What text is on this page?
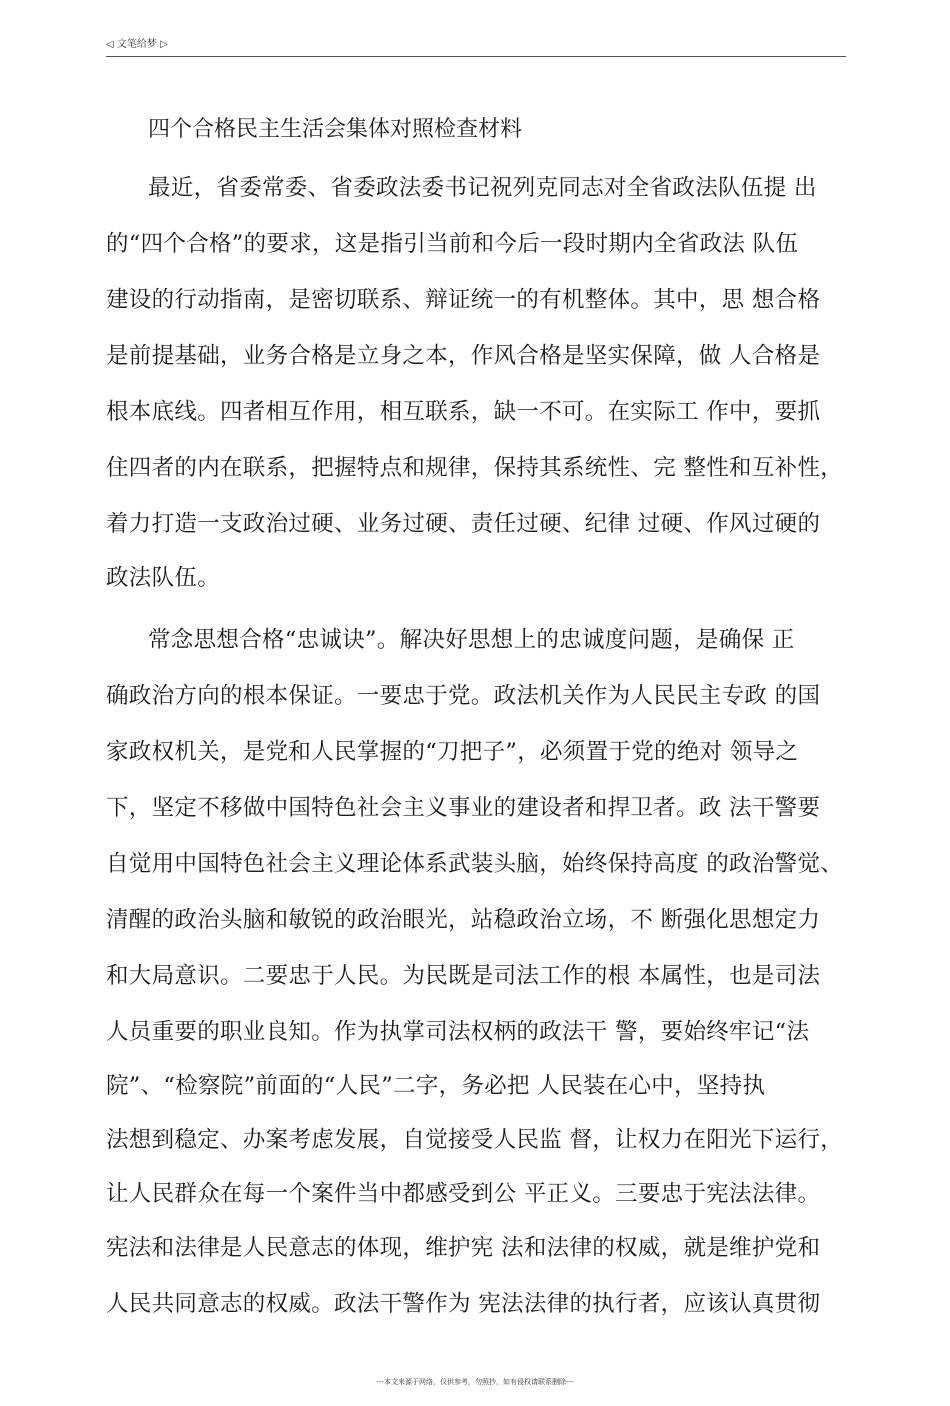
◁ 文笔给梦 ▷
四个合格民主生活会集体对照检查材料
最近，省委常委、省委政法委书记祝列克同志对全省政法队伍提 出
的“四个合格”的要求，这是指引当前和今后一段时期内全省政法 队伍
建设的行动指南，是密切联系、辩证统一的有机整体。其中，思 想合格
是前提基础，业务合格是立身之本，作风合格是坚实保障，做 人合格是
根本底线。四者相互作用，相互联系，缺一不可。在实际工 作中，要抓
住四者的内在联系，把握特点和规律，保持其系统性、完 整性和互补性，
着力打造一支政治过硬、业务过硬、责任过硬、纪律 过硬、作风过硬的
政法队伍。
常念思想合格“忠诚诀”。解决好思想上的忠诚度问题，是确保 正
确政治方向的根本保证。一要忠于党。政法机关作为人民民主专政 的国
家政权机关，是党和人民掌握的“刀把子”，必须置于党的绝对 领导之
下，坚定不移做中国特色社会主义事业的建设者和捍卫者。政 法干警要
自觉用中国特色社会主义理论体系武装头脑，始终保持高度 的政治警觉、
清醒的政治头脑和敏锐的政治眼光，站稳政治立场，不 断强化思想定力
和大局意识。二要忠于人民。为民既是司法工作的根 本属性，也是司法
人员重要的职业良知。作为执掌司法权柄的政法干 警，要始终牢记“法
院”、“检察院”前面的“人民”二字，务必把 人民装在心中，坚持执
法想到稳定、办案考虑发展，自觉接受人民监 督，让权力在阳光下运行，
让人民群众在每一个案件当中都感受到公 平正义。三要忠于宪法法律。
宪法和法律是人民意志的体现，维护宪 法和法律的权威，就是维护党和
人民共同意志的权威。政法干警作为 宪法法律的执行者，应该认真贯彻
---本文来源于网络，仅供参考，勿照抄，如有侵权请联系删除---
